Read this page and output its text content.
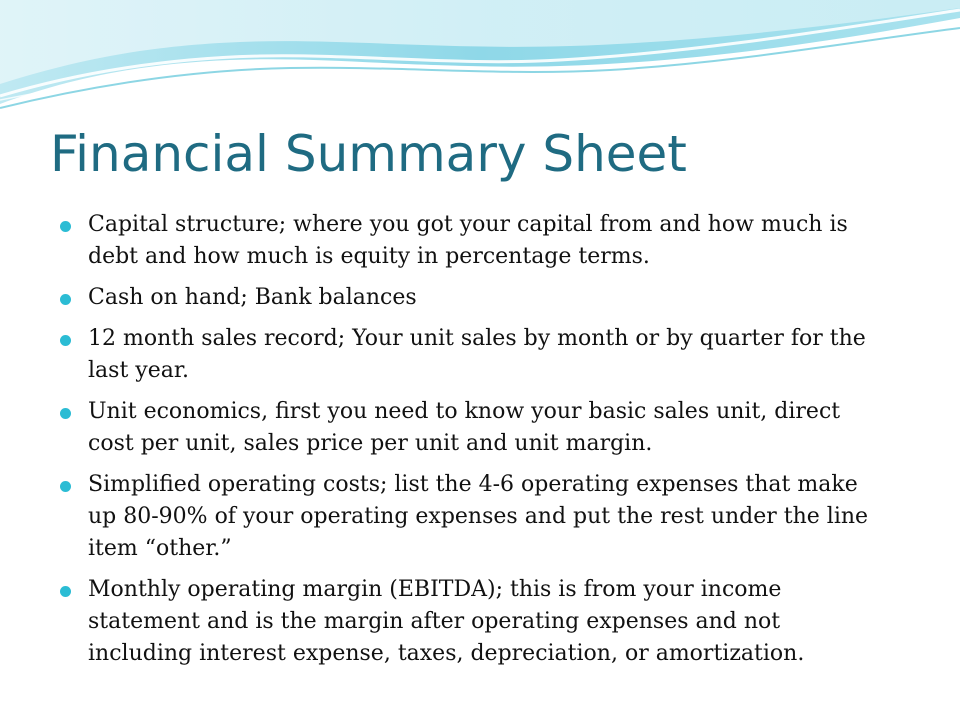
Financial Summary Sheet
Capital structure; where you got your capital from and how much is debt and how much is equity in percentage terms.
Cash on hand; Bank balances
12 month sales record; Your unit sales by month or by quarter for the last year.
Unit economics, first you need to know your basic sales unit, direct cost per unit, sales price per unit and unit margin.
Simplified operating costs; list the 4-6 operating expenses that make up 80-90% of your operating expenses and put the rest under the line item “other.”
Monthly operating margin (EBITDA); this is from your income statement and is the margin after operating expenses and not including interest expense, taxes, depreciation, or amortization.
